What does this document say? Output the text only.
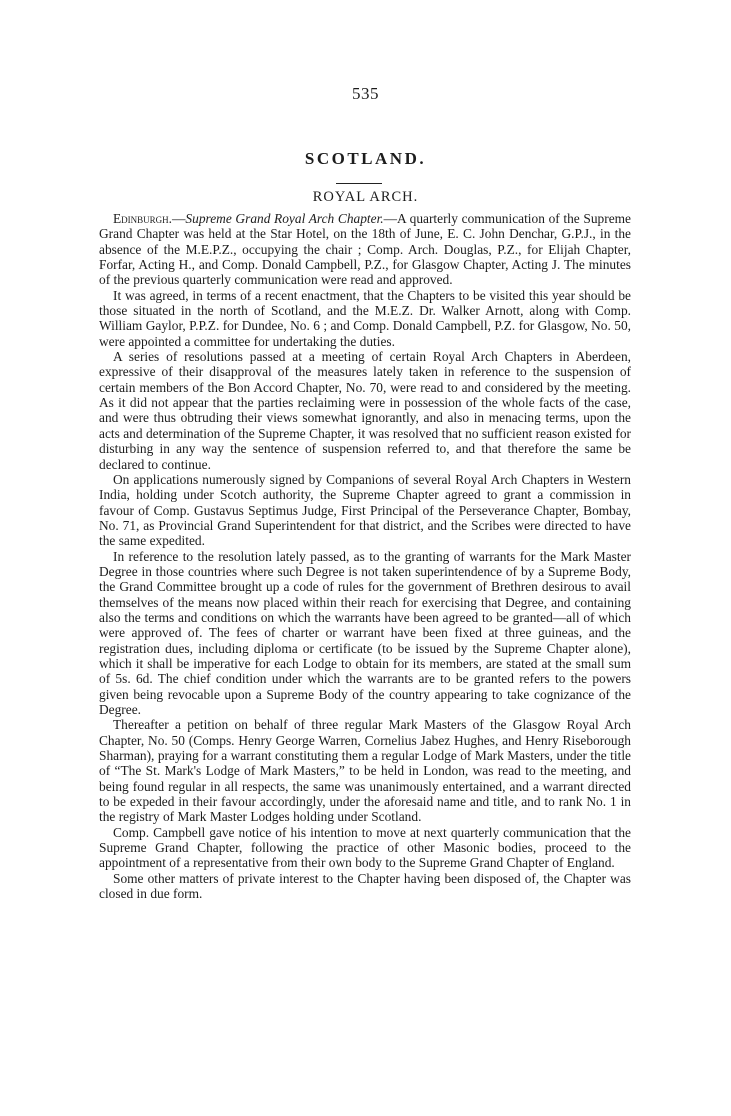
535
SCOTLAND.
ROYAL ARCH.

Edinburgh.—Supreme Grand Royal Arch Chapter.—A quarterly communication of the Supreme Grand Chapter was held at the Star Hotel, on the 18th of June, E. C. John Denchar, G.P.J., in the absence of the M.E.P.Z., occupying the chair ; Comp. Arch. Douglas, P.Z., for Elijah Chapter, Forfar, Acting H., and Comp. Donald Campbell, P.Z., for Glasgow Chapter, Acting J. The minutes of the previous quarterly communication were read and approved.

It was agreed, in terms of a recent enactment, that the Chapters to be visited this year should be those situated in the north of Scotland, and the M.E.Z. Dr. Walker Arnott, along with Comp. William Gaylor, P.P.Z. for Dundee, No. 6 ; and Comp. Donald Campbell, P.Z. for Glasgow, No. 50, were appointed a committee for undertaking the duties.

A series of resolutions passed at a meeting of certain Royal Arch Chapters in Aberdeen, expressive of their disapproval of the measures lately taken in reference to the suspension of certain members of the Bon Accord Chapter, No. 70, were read to and considered by the meeting. As it did not appear that the parties reclaiming were in possession of the whole facts of the case, and were thus obtruding their views somewhat ignorantly, and also in menacing terms, upon the acts and determination of the Supreme Chapter, it was resolved that no sufficient reason existed for disturbing in any way the sentence of suspension referred to, and that therefore the same be declared to continue.

On applications numerously signed by Companions of several Royal Arch Chapters in Western India, holding under Scotch authority, the Supreme Chapter agreed to grant a commission in favour of Comp. Gustavus Septimus Judge, First Principal of the Perseverance Chapter, Bombay, No. 71, as Provincial Grand Superintendent for that district, and the Scribes were directed to have the same expedited.

In reference to the resolution lately passed, as to the granting of warrants for the Mark Master Degree in those countries where such Degree is not taken superintendence of by a Supreme Body, the Grand Committee brought up a code of rules for the government of Brethren desirous to avail themselves of the means now placed within their reach for exercising that Degree, and containing also the terms and conditions on which the warrants have been agreed to be granted—all of which were approved of. The fees of charter or warrant have been fixed at three guineas, and the registration dues, including diploma or certificate (to be issued by the Supreme Chapter alone), which it shall be imperative for each Lodge to obtain for its members, are stated at the small sum of 5s. 6d. The chief condition under which the warrants are to be granted refers to the powers given being revocable upon a Supreme Body of the country appearing to take cognizance of the Degree.

Thereafter a petition on behalf of three regular Mark Masters of the Glasgow Royal Arch Chapter, No. 50 (Comps. Henry George Warren, Cornelius Jabez Hughes, and Henry Riseborough Sharman), praying for a warrant constituting them a regular Lodge of Mark Masters, under the title of “The St. Mark's Lodge of Mark Masters,” to be held in London, was read to the meeting, and being found regular in all respects, the same was unanimously entertained, and a warrant directed to be expeded in their favour accordingly, under the aforesaid name and title, and to rank No. 1 in the registry of Mark Master Lodges holding under Scotland.

Comp. Campbell gave notice of his intention to move at next quarterly communication that the Supreme Grand Chapter, following the practice of other Masonic bodies, proceed to the appointment of a representative from their own body to the Supreme Grand Chapter of England.

Some other matters of private interest to the Chapter having been disposed of, the Chapter was closed in due form.
